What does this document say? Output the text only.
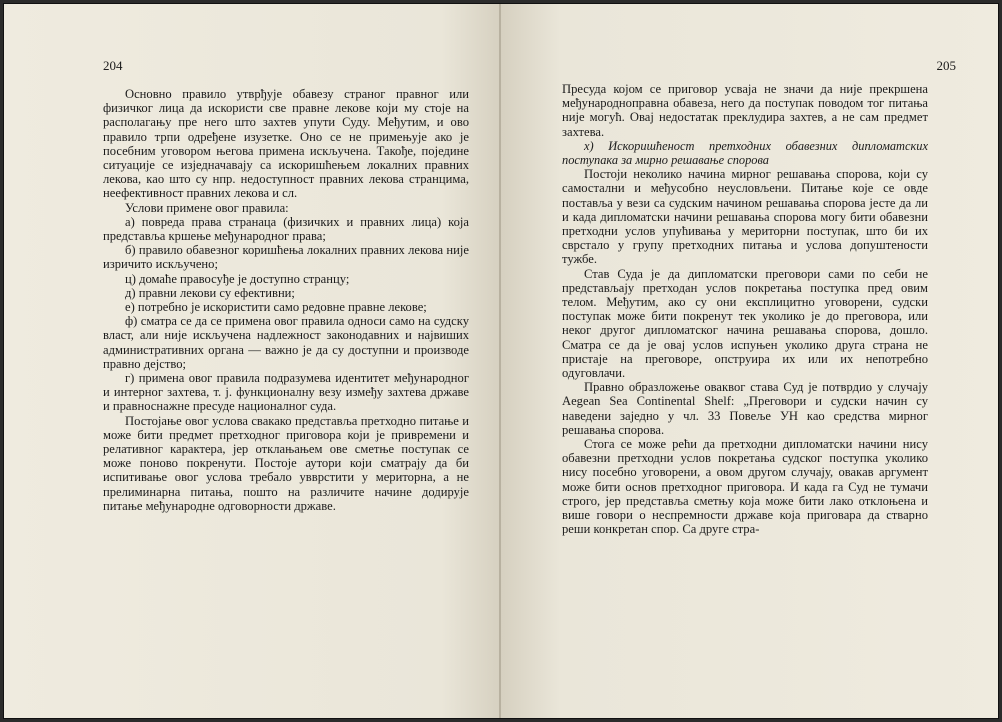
204

Основно правило утврђује обавезу страног правног или физичког лица да искористи све правне лекове који му стоје на располагању пре него што захтев упути Суду. Међутим, и ово правило трпи одређене изузетке. Оно се не примењује ако је посебним уговором његова примена искључена. Такође, поједине ситуације се изједначавају са искоришћењем локалних правних лекова, као што су нпр. недоступност правних лекова странцима, неефективност правних лекова и сл.

Услови примене овог правила:

а) повреда права странаца (физичких и правних лица) која представља кршење међународног права;

б) правило обавезног коришћења локалних правних лекова није изричито искључено;

ц) домаће правосуђе је доступно странцу;

д) правни лекови су ефективни;

е) потребно је искористити само редовне правне лекове;

ф) сматра се да се примена овог правила односи само на судску власт, али није искључена надлежност законодавних и највиших административних органа — важно је да су доступни и производе правно дејство;

г) примена овог правила подразумева идентитет међународног и интерног захтева, т. ј. функционалну везу између захтева државе и правноснажне пресуде националног суда.

Постојање овог услова свакако представља претходно питање и може бити предмет претходног приговора који је привремени и релативног карактера, јер отклањањем ове сметње поступак се може поново покренути. Постоје аутори који сматрају да би испитивање овог услова требало увврстити у мериторна, а не прелиминарна питања, пошто на различите начине додирује питање међународне одговорности државе.

205

Пресуда којом се приговор усваја не значи да није прекршена међународноправна обавеза, него да поступак поводом тог питања није могућ. Овај недостатак преклудира захтев, а не сам предмет захтева.

x) Искоришћеност претходних обавезних дипломатских поступака за мирно решавање спорова

Постоји неколико начина мирног решавања спорова, који су самостални и међусобно неусловљени. Питање које се овде поставља у вези са судским начином решавања спорова јесте да ли и када дипломатски начини решавања спорова могу бити обавезни претходни услов упућивања у мериторни поступак, што би их сврстало у групу претходних питања и услова допуштености тужбе.

Став Суда је да дипломатски преговори сами по себи не представљају претходан услов покретања поступка пред овим телом. Међутим, ако су они експлицитно уговорени, судски поступак може бити покренут тек уколико је до преговора, или неког другог дипломатског начина решавања спорова, дошло. Сматра се да је овај услов испуњен уколико друга страна не пристаје на преговоре, опструира их или их непотребно одуговлачи.

Правно образложење оваквог става Суд је потврдио у случају Aegean Sea Continental Shelf: „Преговори и судски начин су наведени заједно у чл. 33 Повеље УН као средства мирног решавања спорова.

Стога се може рећи да претходни дипломатски начини нису обавезни претходни услов покретања судског поступка уколико нису посебно уговорени, а овом другом случају, овакав аргумент може бити основ претходног приговора. И када га Суд не тумачи строго, јер представља сметњу која може бити лако отклоњена и више говори о неспремности државе која приговара да стварно реши конкретан спор. Са друге стра-
